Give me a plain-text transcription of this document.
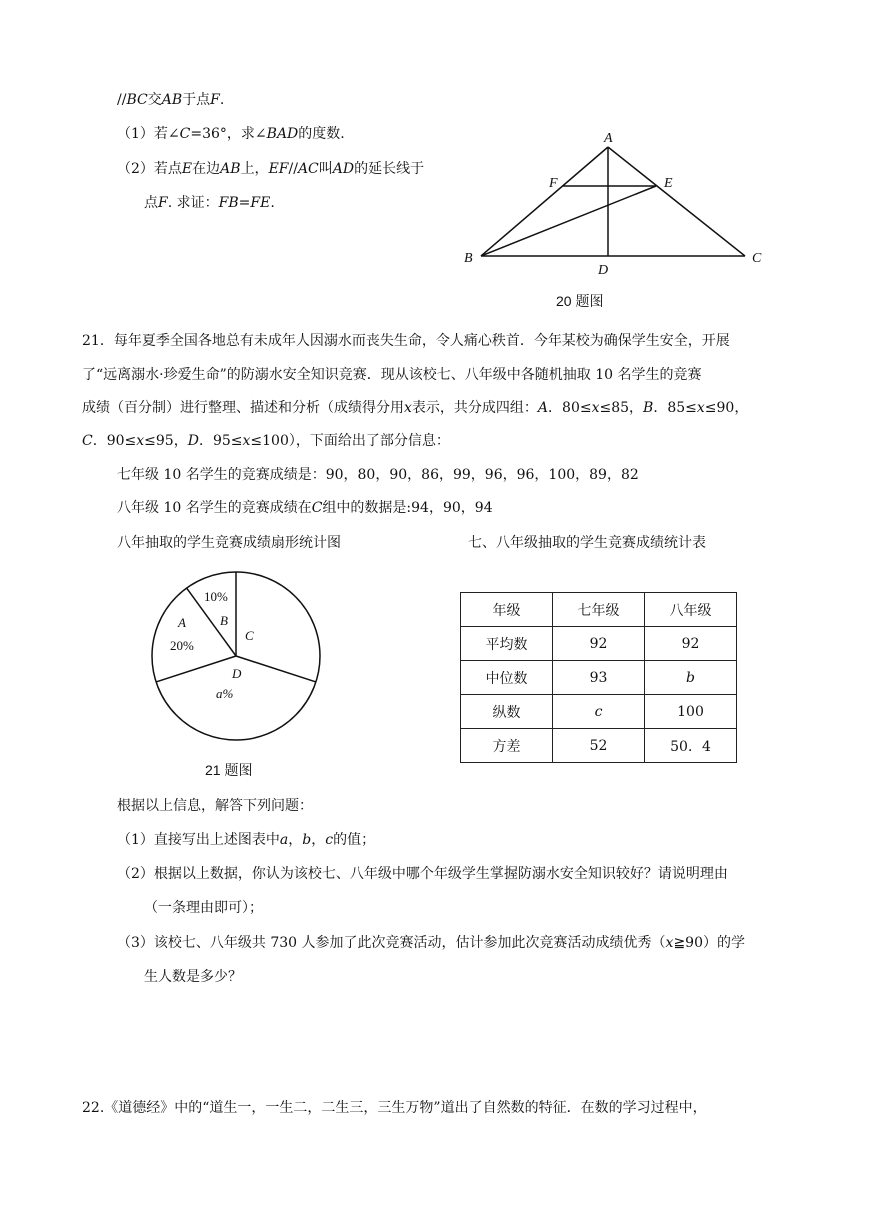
//BC交AB于点F.
（1）若∠C=36°，求∠BAD的度数.
（2）若点E在边AB上，EF//AC叫AD的延长线于
点F. 求证：FB=FE.
A
F	E
B	C
D
20 题图
21．每年夏季全国各地总有未成年人因溺水而丧失生命，令人痛心秩首．今年某校为确保学生安全，开展
了“远离溺水·珍爱生命”的防溺水安全知识竞赛．现从该校七、八年级中各随机抽取 10 名学生的竞赛
成绩（百分制）进行整理、描述和分析（成绩得分用x表示，共分成四组：A．80≤x≤85，B．85≤x≤90，
C．90≤x≤95，D．95≤x≤100），下面给出了部分信息：
七年级 10 名学生的竞赛成绩是：90，80，90，86，99，96，96，100，89，82
八年级 10 名学生的竞赛成绩在C组中的数据是:94，90，94
八年抽取的学生竞赛成绩扇形统计图	七、八年级抽取的学生竞赛成绩统计表
10%
A	B
C
20%
D
a%
21 题图
年级	七年级	八年级
平均数	92	92
中位数	93	b
纵数	c	100
方差	52	50．4
根据以上信息，解答下列问题：
（1）直接写出上述图表中a，b，c的值；
（2）根据以上数据，你认为该校七、八年级中哪个年级学生掌握防溺水安全知识较好？请说明理由
（一条理由即可）；
（3）该校七、八年级共 730 人参加了此次竞赛活动，估计参加此次竞赛活动成绩优秀（x≧90）的学
生人数是多少？
22.《道德经》中的“道生一，一生二，二生三，三生万物”道出了自然数的特征．在数的学习过程中，
